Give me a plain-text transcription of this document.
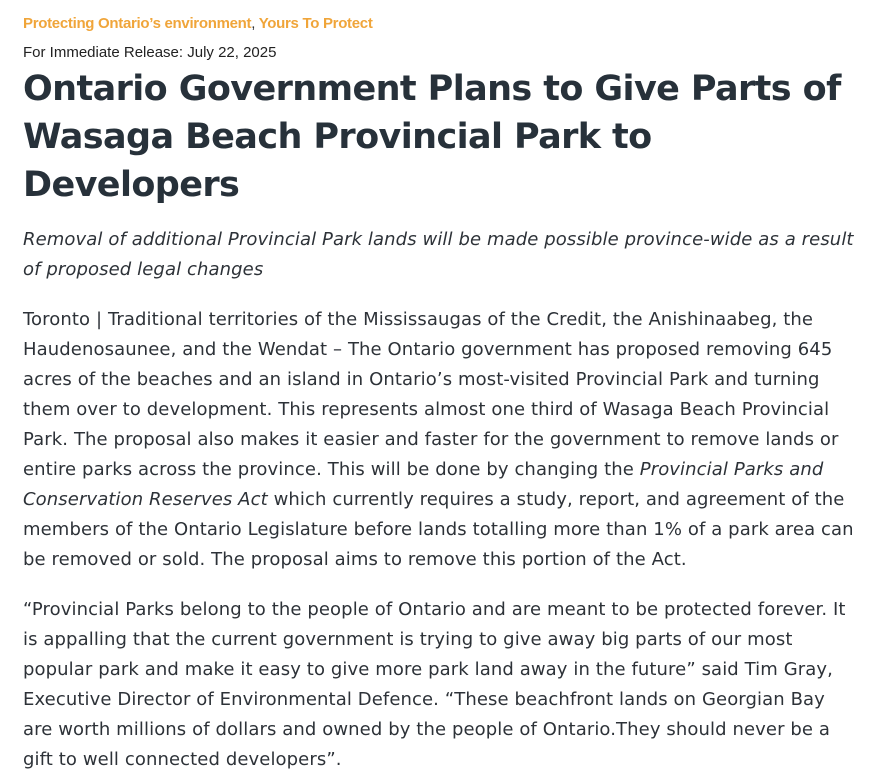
Protecting Ontario’s environment, Yours To Protect

For Immediate Release: July 22, 2025

Ontario Government Plans to Give Parts of Wasaga Beach Provincial Park to Developers

Removal of additional Provincial Park lands will be made possible province-wide as a result of proposed legal changes

Toronto | Traditional territories of the Mississaugas of the Credit, the Anishinaabeg, the Haudenosaunee, and the Wendat – The Ontario government has proposed removing 645 acres of the beaches and an island in Ontario’s most-visited Provincial Park and turning them over to development. This represents almost one third of Wasaga Beach Provincial Park. The proposal also makes it easier and faster for the government to remove lands or entire parks across the province. This will be done by changing the Provincial Parks and Conservation Reserves Act which currently requires a study, report, and agreement of the members of the Ontario Legislature before lands totalling more than 1% of a park area can be removed or sold. The proposal aims to remove this portion of the Act.

“Provincial Parks belong to the people of Ontario and are meant to be protected forever. It is appalling that the current government is trying to give away big parts of our most popular park and make it easy to give more park land away in the future” said Tim Gray, Executive Director of Environmental Defence. “These beachfront lands on Georgian Bay are worth millions of dollars and owned by the people of Ontario.They should never be a gift to well connected developers”.
